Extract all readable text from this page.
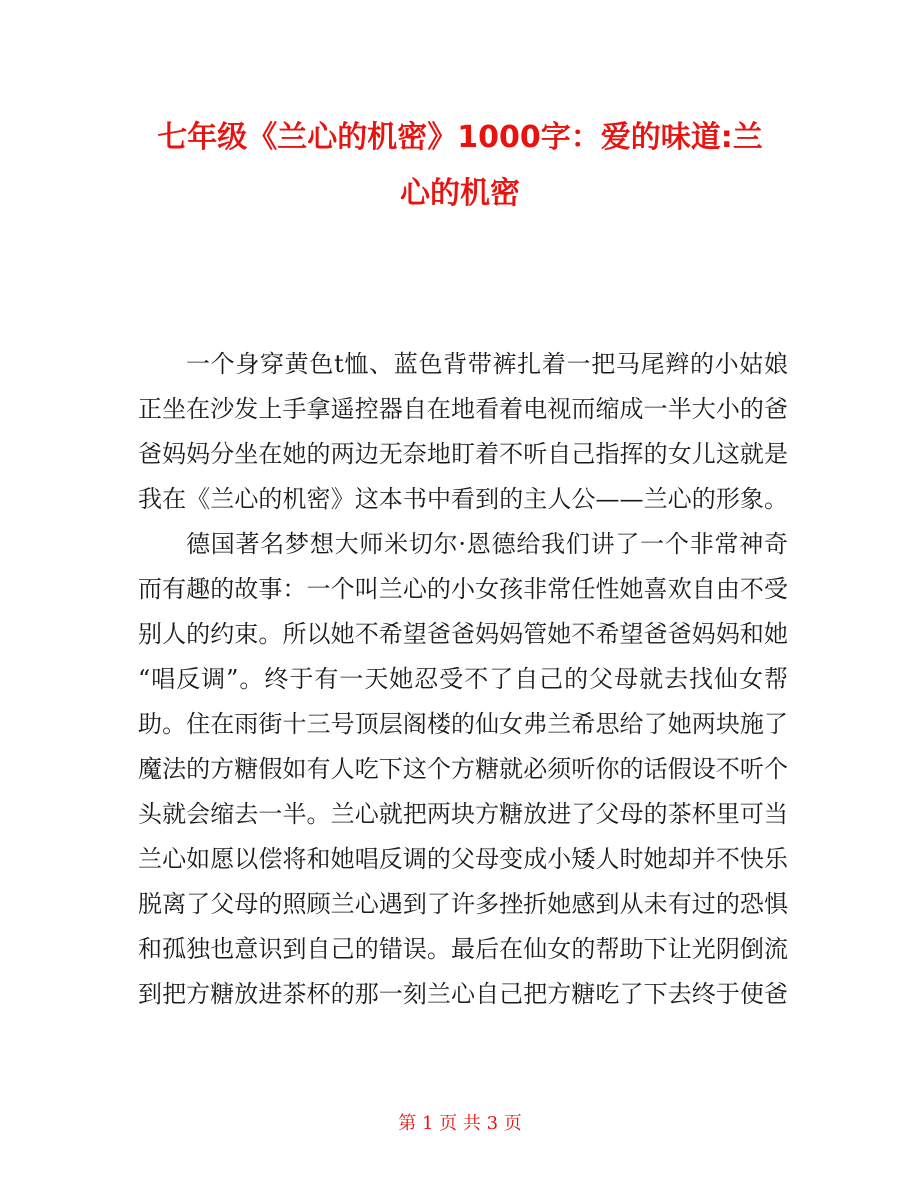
七年级《兰心的机密》1000字：爱的味道:兰
心的机密
一个身穿黄色t恤、蓝色背带裤扎着一把马尾辫的小姑娘
正坐在沙发上手拿遥控器自在地看着电视而缩成一半大小的爸
爸妈妈分坐在她的两边无奈地盯着不听自己指挥的女儿这就是
我在《兰心的机密》这本书中看到的主人公——兰心的形象。
德国著名梦想大师米切尔·恩德给我们讲了一个非常神奇
而有趣的故事：一个叫兰心的小女孩非常任性她喜欢自由不受
别人的约束。所以她不希望爸爸妈妈管她不希望爸爸妈妈和她
“唱反调”。终于有一天她忍受不了自己的父母就去找仙女帮
助。住在雨街十三号顶层阁楼的仙女弗兰希思给了她两块施了
魔法的方糖假如有人吃下这个方糖就必须听你的话假设不听个
头就会缩去一半。兰心就把两块方糖放进了父母的茶杯里可当
兰心如愿以偿将和她唱反调的父母变成小矮人时她却并不快乐
脱离了父母的照顾兰心遇到了许多挫折她感到从未有过的恐惧
和孤独也意识到自己的错误。最后在仙女的帮助下让光阴倒流
到把方糖放进茶杯的那一刻兰心自己把方糖吃了下去终于使爸
第 1 页 共 3 页
